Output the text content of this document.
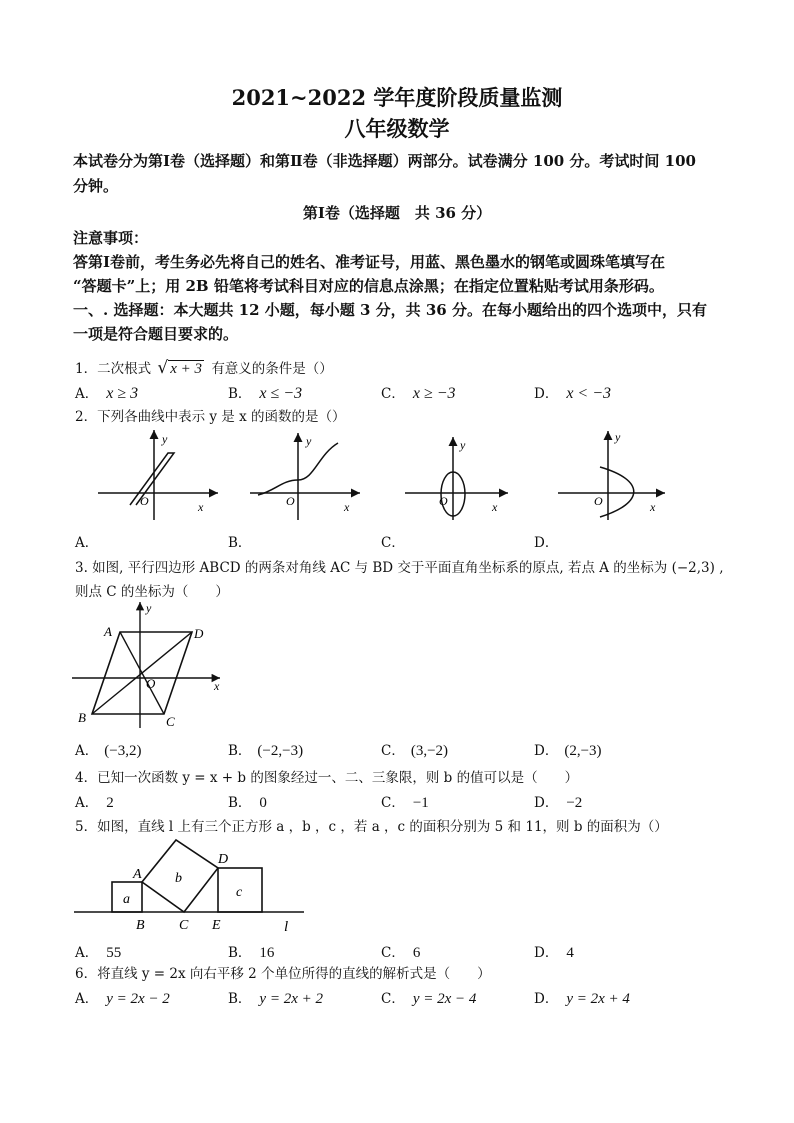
2021~2022 学年度阶段质量监测
八年级数学
本试卷分为第Ⅰ卷（选择题）和第Ⅱ卷（非选择题）两部分。试卷满分 100 分。考试时间 100
分钟。
第Ⅰ卷（选择题　共 36 分）
注意事项：
答第Ⅰ卷前，考生务必先将自己的姓名、准考证号，用蓝、黑色墨水的钢笔或圆珠笔填写在
“答题卡”上；用 2B 铅笔将考试科目对应的信息点涂黑；在指定位置粘贴考试用条形码。
一、. 选择题：本大题共 12 小题，每小题 3 分，共 36 分。在每小题给出的四个选项中，只有
一项是符合题目要求的。
1．二次根式 √ x + 3 有意义的条件是（）
A． x ≥ 3	B． x ≤ −3	C． x ≥ −3	D． x < −3
2．下列各曲线中表示 y 是 x 的函数的是（）
y
O	x
y
O	x
y
O	x
y
O	x
A．	B．	C．	D．
3. 如图, 平行四边形 ABCD 的两条对角线 AC 与 BD 交于平面直角坐标系的原点, 若点 A 的坐标为 (−2,3) ,
则点 C 的坐标为（　　）
A
B	C
D
O	x
y
A． (−3,2)	B． (−2,−3)	C． (3,−2)	D． (2,−3)
4．已知一次函数 y = x + b 的图象经过一、二、三象限，则 b 的值可以是（　　）
A． 2	B． 0	C． −1	D． −2
5．如图，直线 l 上有三个正方形 a ，b ，c ，若 a ，c 的面积分别为 5 和 11，则 b 的面积为（）
A
B C
D
E
a
b
c
l
A． 55	B． 16	C． 6	D． 4
6．将直线 y = 2x 向右平移 2 个单位所得的直线的解析式是（　　）
A． y = 2x − 2	B． y = 2x + 2	C． y = 2x − 4	D． y = 2x + 4
